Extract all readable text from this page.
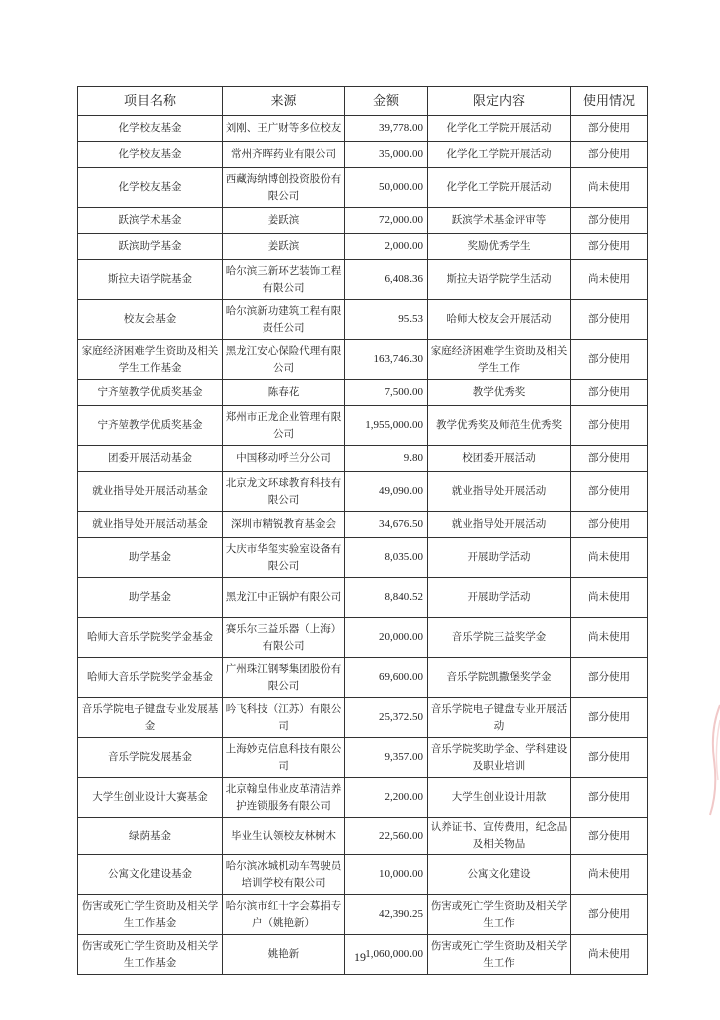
项目名称	来源	金额	限定内容	使用情况
化学校友基金	刘刚、王广财等多位校友	39,778.00	化学化工学院开展活动	部分使用
化学校友基金	常州齐晖药业有限公司	35,000.00	化学化工学院开展活动	部分使用
化学校友基金	西藏海纳博创投资股份有限公司	50,000.00	化学化工学院开展活动	尚未使用
跃滨学术基金	姜跃滨	72,000.00	跃滨学术基金评审等	部分使用
跃滨助学基金	姜跃滨	2,000.00	奖励优秀学生	部分使用
斯拉夫语学院基金	哈尔滨三新环艺装饰工程有限公司	6,408.36	斯拉夫语学院学生活动	尚未使用
校友会基金	哈尔滨新功建筑工程有限责任公司	95.53	哈师大校友会开展活动	部分使用
家庭经济困难学生资助及相关学生工作基金	黑龙江安心保险代理有限公司	163,746.30	家庭经济困难学生资助及相关学生工作	部分使用
宁齐堃教学优质奖基金	陈春花	7,500.00	教学优秀奖	部分使用
宁齐堃教学优质奖基金	郑州市正龙企业管理有限公司	1,955,000.00	教学优秀奖及师范生优秀奖	部分使用
团委开展活动基金	中国移动呼兰分公司	9.80	校团委开展活动	部分使用
就业指导处开展活动基金	北京龙文环球教育科技有限公司	49,090.00	就业指导处开展活动	部分使用
就业指导处开展活动基金	深圳市精锐教育基金会	34,676.50	就业指导处开展活动	部分使用
助学基金	大庆市华玺实验室设备有限公司	8,035.00	开展助学活动	尚未使用
助学基金	黑龙江中正锅炉有限公司	8,840.52	开展助学活动	尚未使用
哈师大音乐学院奖学金基金	赛乐尔三益乐器（上海）有限公司	20,000.00	音乐学院三益奖学金	尚未使用
哈师大音乐学院奖学金基金	广州珠江钢琴集团股份有限公司	69,600.00	音乐学院凯撒堡奖学金	部分使用
音乐学院电子键盘专业发展基金	吟飞科技（江苏）有限公司	25,372.50	音乐学院电子键盘专业开展活动	部分使用
音乐学院发展基金	上海妙克信息科技有限公司	9,357.00	音乐学院奖助学金、学科建设及职业培训	部分使用
大学生创业设计大赛基金	北京翰皇伟业皮革清洁养护连锁服务有限公司	2,200.00	大学生创业设计用款	部分使用
绿荫基金	毕业生认领校友林树木	22,560.00	认养证书、宣传费用，纪念品及相关物品	部分使用
公寓文化建设基金	哈尔滨冰城机动车驾驶员培训学校有限公司	10,000.00	公寓文化建设	尚未使用
伤害或死亡学生资助及相关学生工作基金	哈尔滨市红十字会募捐专户（姚艳新）	42,390.25	伤害或死亡学生资助及相关学生工作	部分使用
伤害或死亡学生资助及相关学生工作基金	姚艳新	1,060,000.00	伤害或死亡学生资助及相关学生工作	尚未使用
19
